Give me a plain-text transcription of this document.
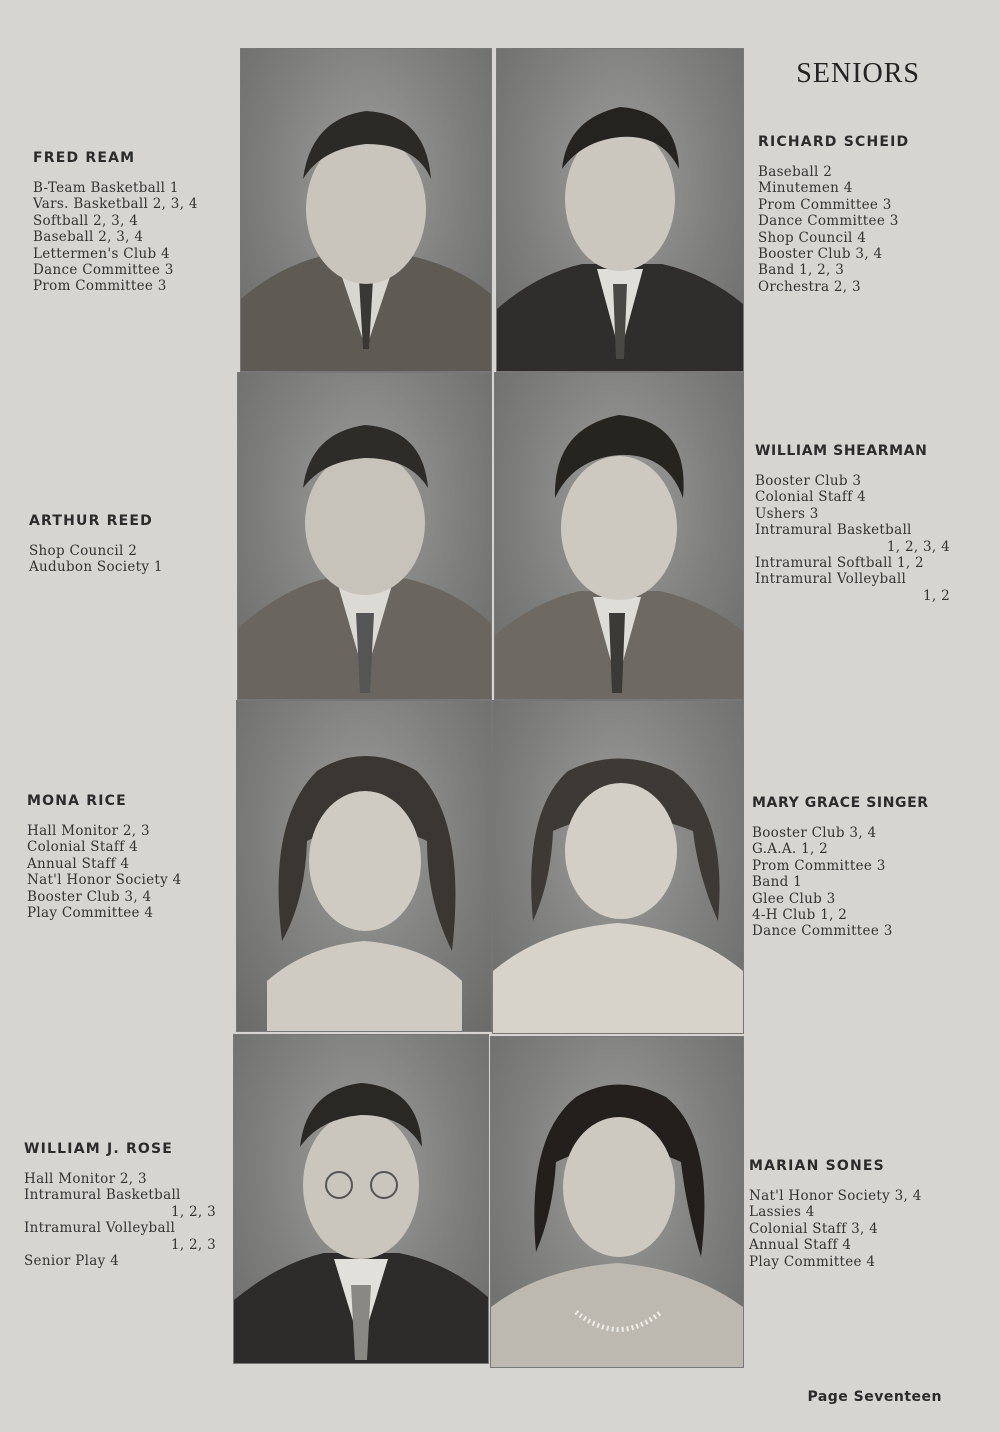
SENIORS
FRED REAM
B-Team Basketball 1
Vars. Basketball 2, 3, 4
Softball 2, 3, 4
Baseball 2, 3, 4
Lettermen's Club 4
Dance Committee 3
Prom Committee 3
RICHARD SCHEID
Baseball 2
Minutemen 4
Prom Committee 3
Dance Committee 3
Shop Council 4
Booster Club 3, 4
Band 1, 2, 3
Orchestra 2, 3
ARTHUR REED
Shop Council 2
Audubon Society 1
WILLIAM SHEARMAN
Booster Club 3
Colonial Staff 4
Ushers 3
Intramural Basketball
1, 2, 3, 4
Intramural Softball 1, 2
Intramural Volleyball
1, 2
MONA RICE
Hall Monitor 2, 3
Colonial Staff 4
Annual Staff 4
Nat'l Honor Society 4
Booster Club 3, 4
Play Committee 4
MARY GRACE SINGER
Booster Club 3, 4
G.A.A. 1, 2
Prom Committee 3
Band 1
Glee Club 3
4-H Club 1, 2
Dance Committee 3
WILLIAM J. ROSE
Hall Monitor 2, 3
Intramural Basketball
1, 2, 3
Intramural Volleyball
1, 2, 3
Senior Play 4
MARIAN SONES
Nat'l Honor Society 3, 4
Lassies 4
Colonial Staff 3, 4
Annual Staff 4
Play Committee 4
Page Seventeen
